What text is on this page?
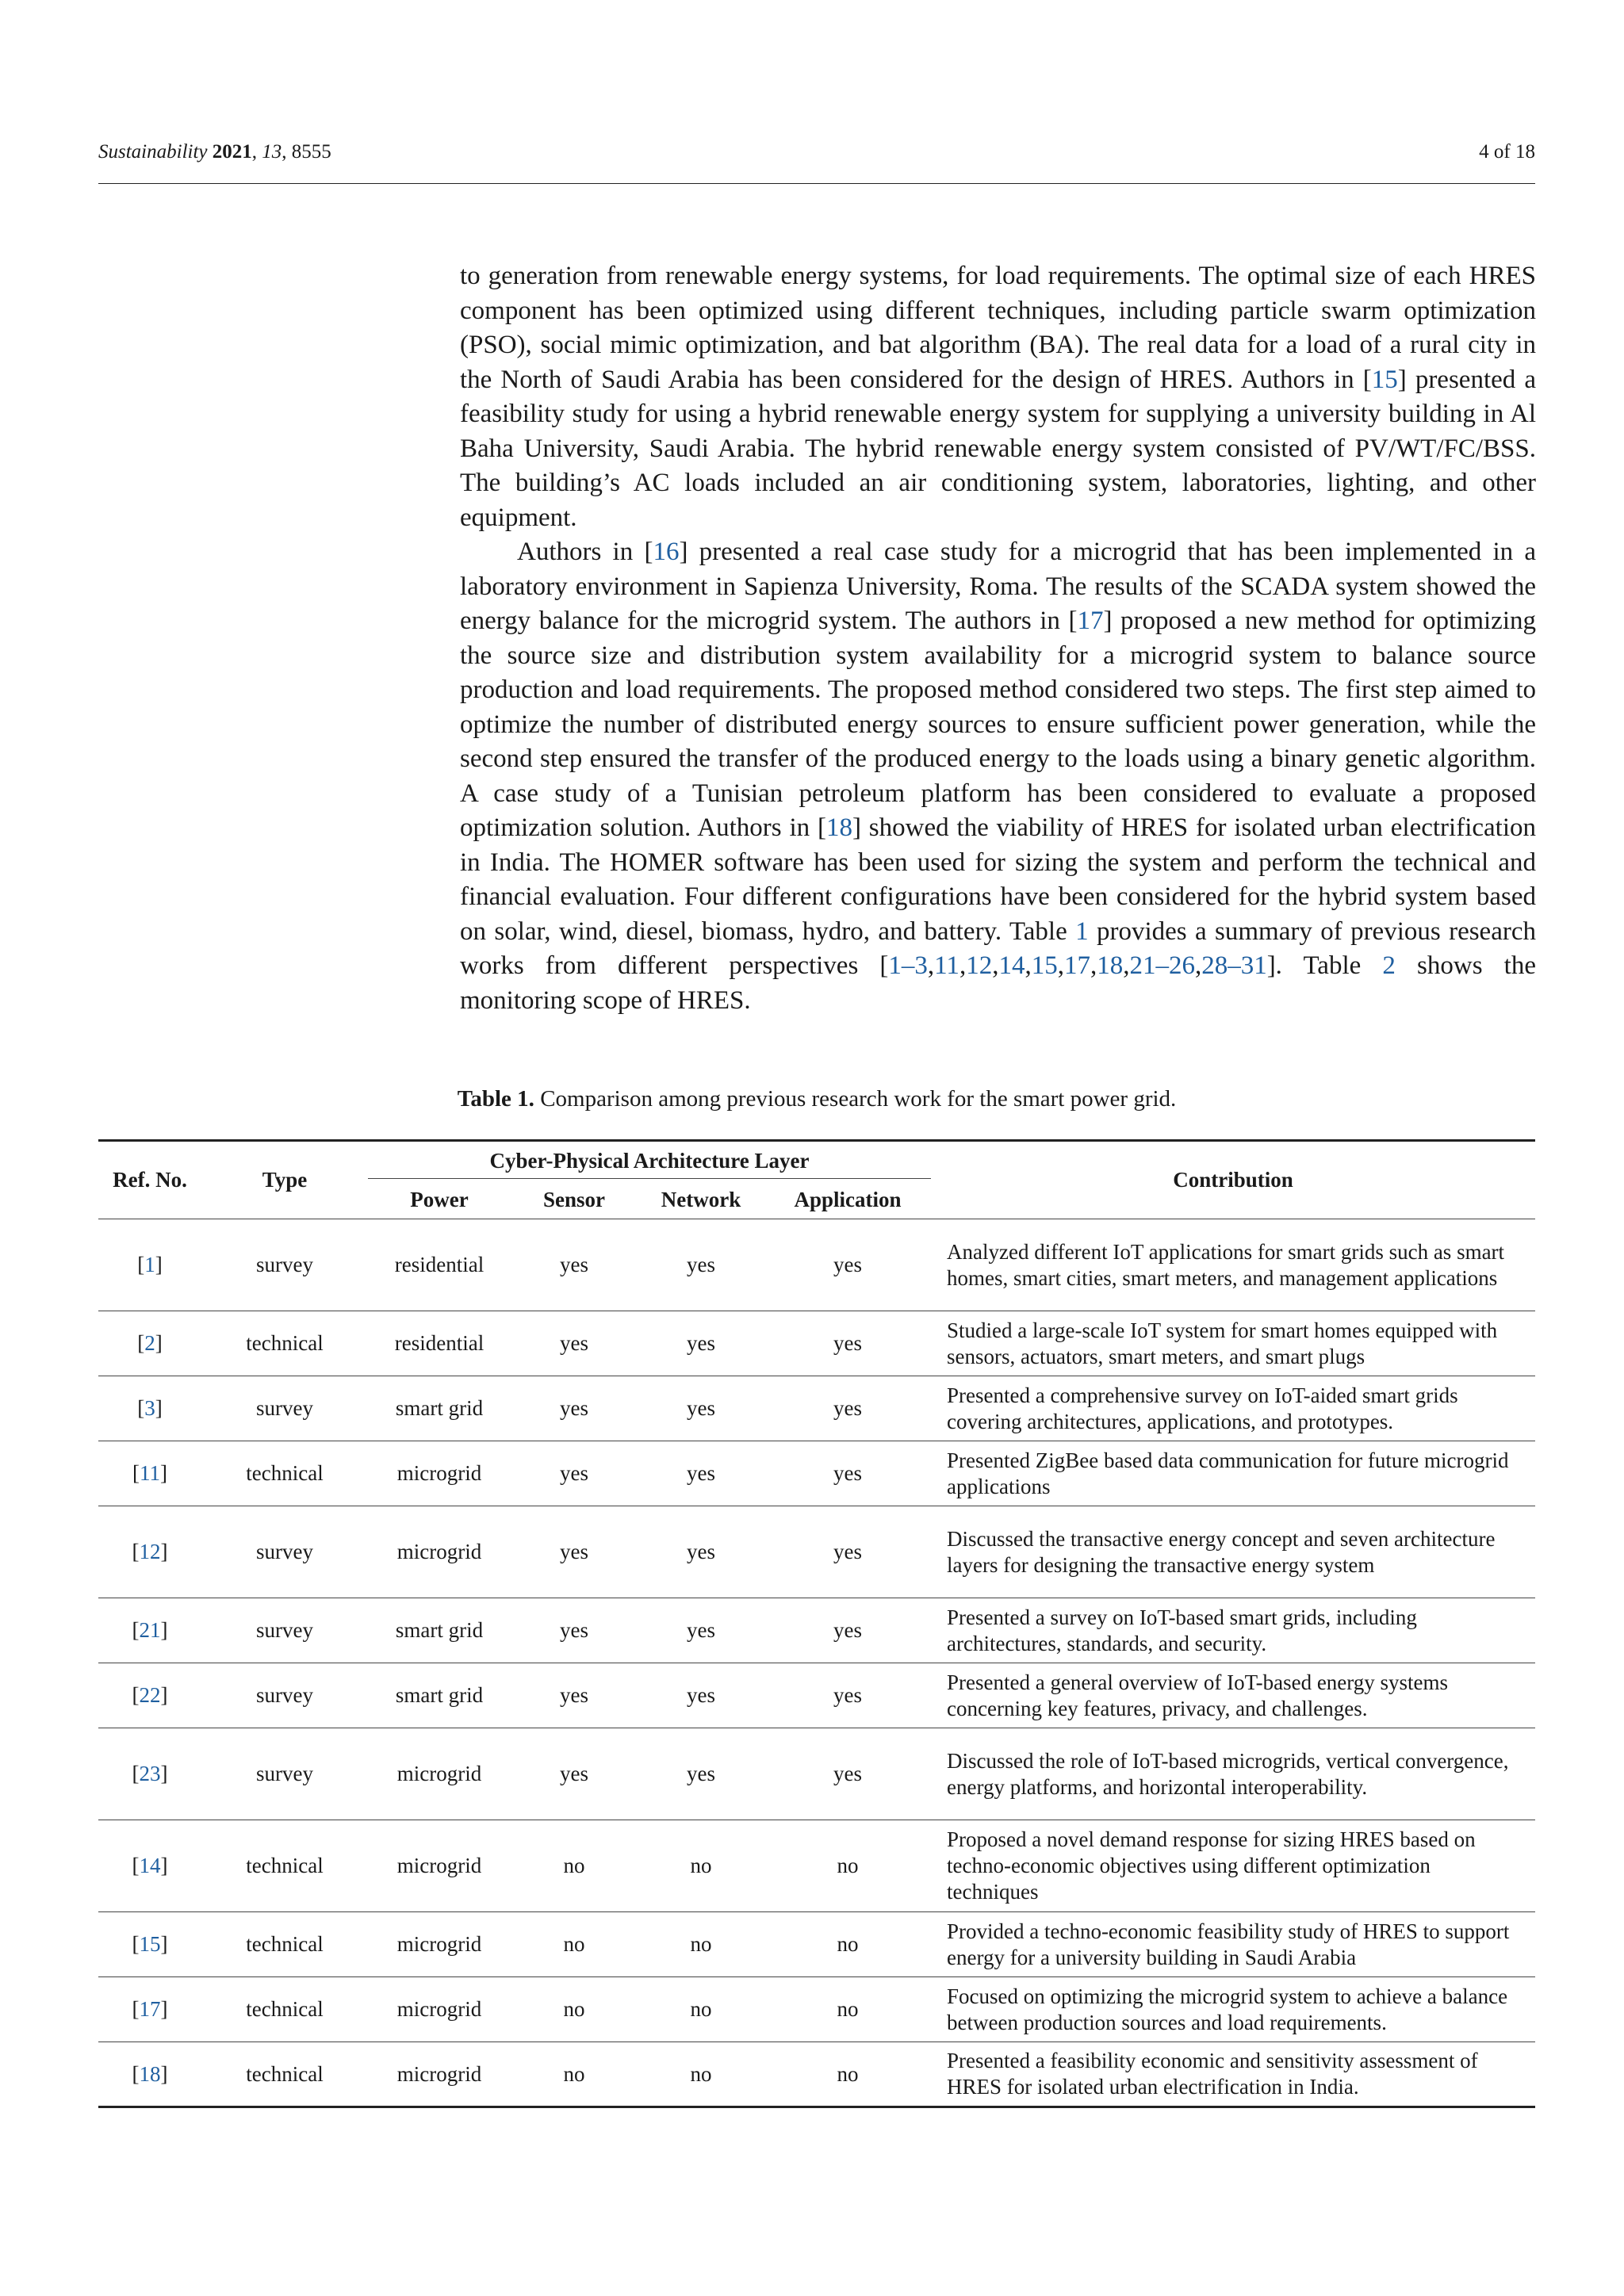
Sustainability 2021, 13, 8555	4 of 18

to generation from renewable energy systems, for load requirements. The optimal size of each HRES component has been optimized using different techniques, including particle swarm optimization (PSO), social mimic optimization, and bat algorithm (BA). The real data for a load of a rural city in the North of Saudi Arabia has been considered for the design of HRES. Authors in [15] presented a feasibility study for using a hybrid renewable energy system for supplying a university building in Al Baha University, Saudi Arabia. The hybrid renewable energy system consisted of PV/WT/FC/BSS. The building’s AC loads included an air conditioning system, laboratories, lighting, and other equipment.

Authors in [16] presented a real case study for a microgrid that has been implemented in a laboratory environment in Sapienza University, Roma. The results of the SCADA system showed the energy balance for the microgrid system. The authors in [17] proposed a new method for optimizing the source size and distribution system availability for a microgrid system to balance source production and load requirements. The proposed method considered two steps. The first step aimed to optimize the number of distributed energy sources to ensure sufficient power generation, while the second step ensured the transfer of the produced energy to the loads using a binary genetic algorithm. A case study of a Tunisian petroleum platform has been considered to evaluate a proposed optimization solution. Authors in [18] showed the viability of HRES for isolated urban electrification in India. The HOMER software has been used for sizing the system and perform the technical and financial evaluation. Four different configurations have been considered for the hybrid system based on solar, wind, diesel, biomass, hydro, and battery. Table 1 provides a summary of previous research works from different perspectives [1–3,11,12,14,15,17,18,21–26,28–31]. Table 2 shows the monitoring scope of HRES.

Table 1. Comparison among previous research work for the smart power grid.
Ref. No.	Type	Cyber-Physical Architecture Layer				Contribution
		Power	Sensor	Network	Application	
[1]	survey	residential	yes	yes	yes	Analyzed different IoT applications for smart grids such as smart homes, smart cities, smart meters, and management applications
[2]	technical	residential	yes	yes	yes	Studied a large-scale IoT system for smart homes equipped with sensors, actuators, smart meters, and smart plugs
[3]	survey	smart grid	yes	yes	yes	Presented a comprehensive survey on IoT-aided smart grids covering architectures, applications, and prototypes.
[11]	technical	microgrid	yes	yes	yes	Presented ZigBee based data communication for future microgrid applications
[12]	survey	microgrid	yes	yes	yes	Discussed the transactive energy concept and seven architecture layers for designing the transactive energy system
[21]	survey	smart grid	yes	yes	yes	Presented a survey on IoT-based smart grids, including architectures, standards, and security.
[22]	survey	smart grid	yes	yes	yes	Presented a general overview of IoT-based energy systems concerning key features, privacy, and challenges.
[23]	survey	microgrid	yes	yes	yes	Discussed the role of IoT-based microgrids, vertical convergence, energy platforms, and horizontal interoperability.
[14]	technical	microgrid	no	no	no	Proposed a novel demand response for sizing HRES based on techno-economic objectives using different optimization techniques
[15]	technical	microgrid	no	no	no	Provided a techno-economic feasibility study of HRES to support energy for a university building in Saudi Arabia
[17]	technical	microgrid	no	no	no	Focused on optimizing the microgrid system to achieve a balance between production sources and load requirements.
[18]	technical	microgrid	no	no	no	Presented a feasibility economic and sensitivity assessment of HRES for isolated urban electrification in India.
